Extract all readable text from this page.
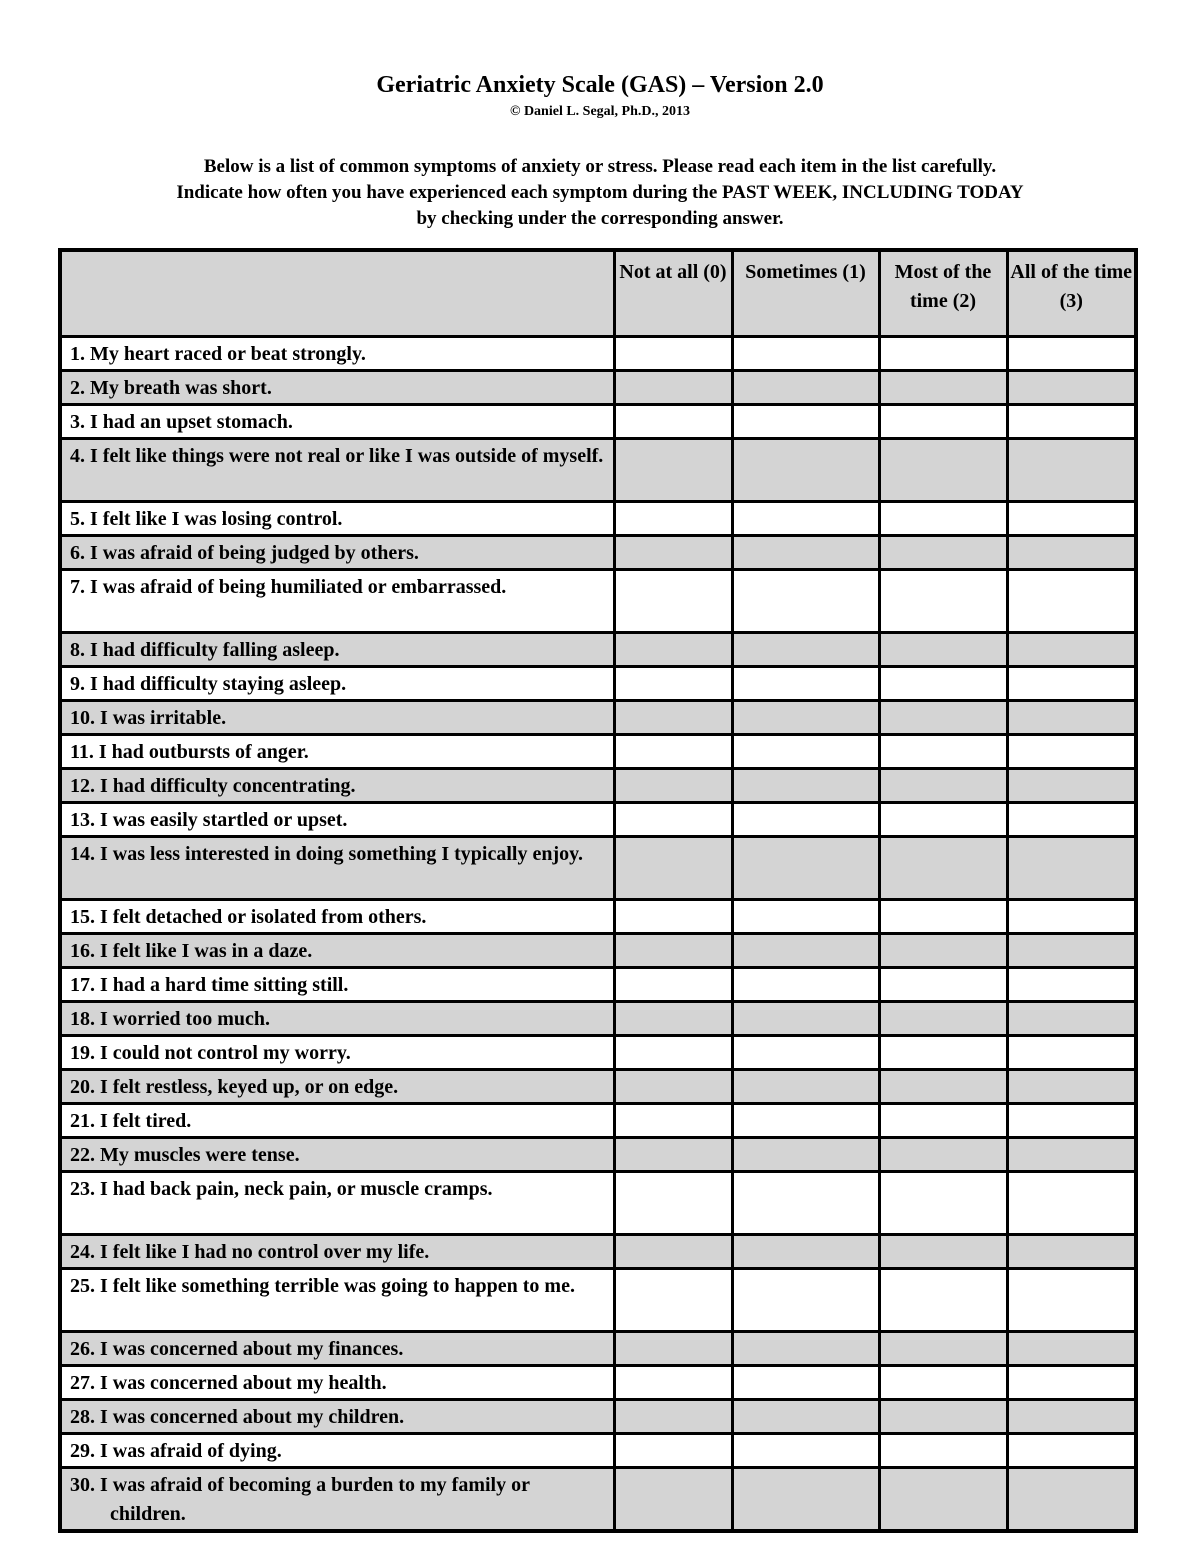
Geriatric Anxiety Scale (GAS) – Version 2.0
© Daniel L. Segal, Ph.D., 2013
Below is a list of common symptoms of anxiety or stress. Please read each item in the list carefully.
Indicate how often you have experienced each symptom during the PAST WEEK, INCLUDING TODAY
by checking under the corresponding answer.
	Not at all (0)	Sometimes (1)	Most of the time (2)	All of the time (3)

1. My heart raced or beat strongly.				

2. My breath was short.				

3. I had an upset stomach.				

4. I felt like things were not real or like I was outside of myself.				

5. I felt like I was losing control.				

6. I was afraid of being judged by others.				

7. I was afraid of being humiliated or embarrassed.				

8. I had difficulty falling asleep.				

9. I had difficulty staying asleep.				

10. I was irritable.				

11. I had outbursts of anger.				

12. I had difficulty concentrating.				

13. I was easily startled or upset.				

14. I was less interested in doing something I typically enjoy.				

15. I felt detached or isolated from others.				

16. I felt like I was in a daze.				

17. I had a hard time sitting still.				

18. I worried too much.				

19. I could not control my worry.				

20. I felt restless, keyed up, or on edge.				

21. I felt tired.				

22. My muscles were tense.				

23. I had back pain, neck pain, or muscle cramps.				

24. I felt like I had no control over my life.				

25. I felt like something terrible was going to happen to me.				

26. I was concerned about my finances.				

27. I was concerned about my health.				

28. I was concerned about my children.				

29. I was afraid of dying.				

30. I was afraid of becoming a burden to my family or children.				
